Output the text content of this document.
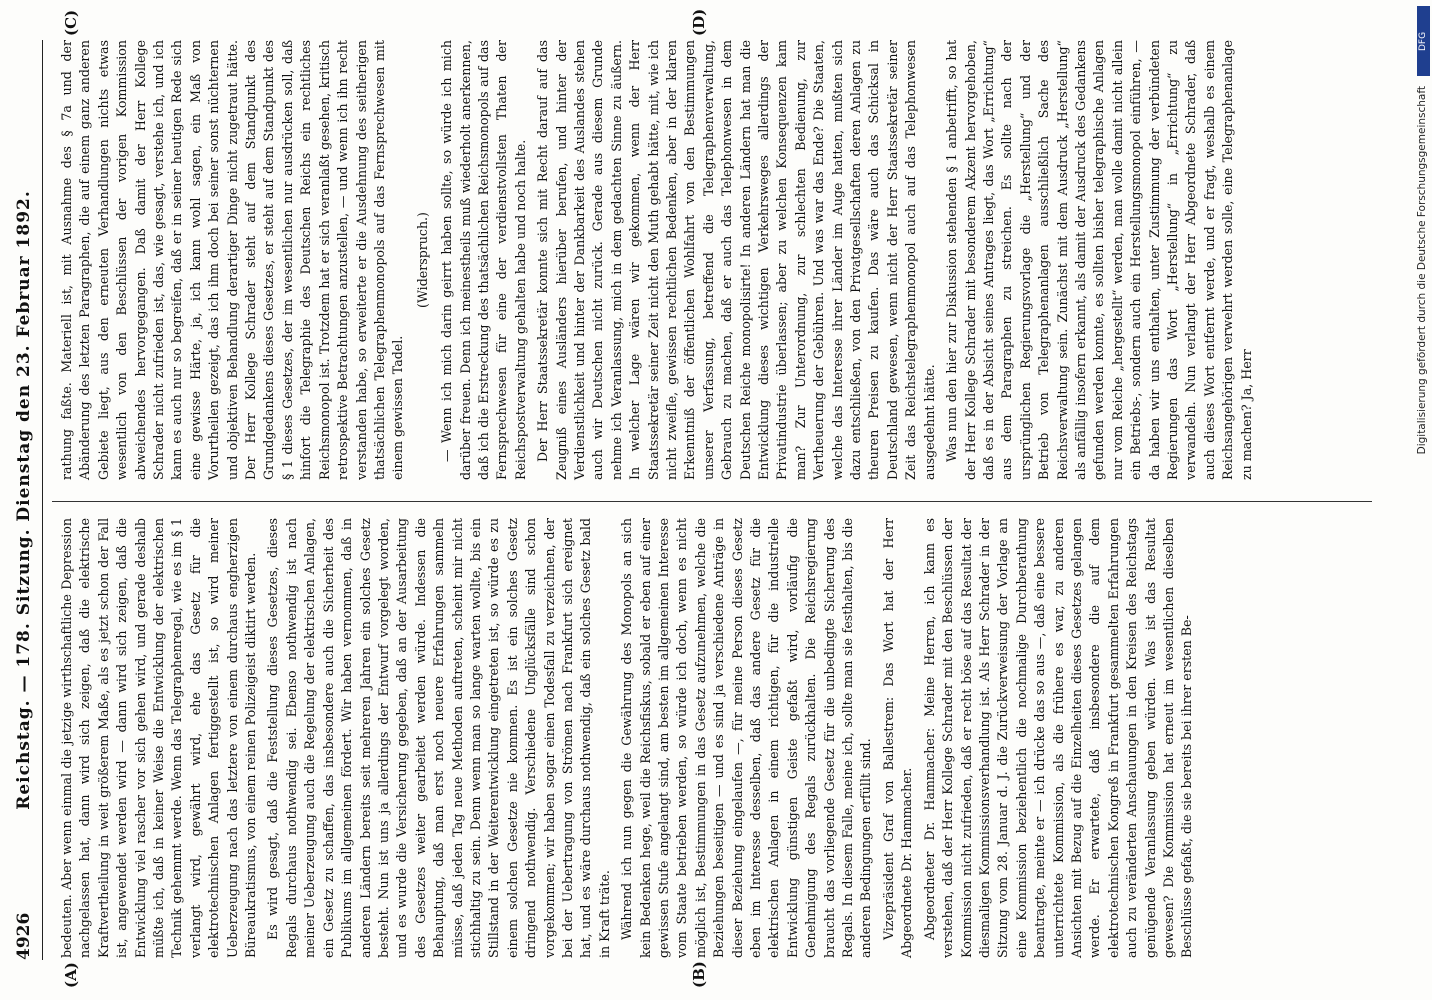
4926
Reichstag. — 178. Sitzung. Dienstag den 23. Februar 1892.
(A)	(B)
(C)	(D)

bedeuten. Aber wenn einmal die jetzige wirthschaftliche Depression nachgelassen hat, dann wird sich zeigen, daß die elektrische Kraftvertheilung in weit größerem Maße, als es jetzt schon der Fall ist, angewendet werden wird — dann wird sich zeigen, daß die Entwicklung viel rascher vor sich gehen wird, und gerade deshalb müßte ich, daß in keiner Weise die Entwicklung der elektrischen Technik gehemmt werde. Wenn das Telegraphenregal, wie es im § 1 verlangt wird, gewährt wird, ehe das Gesetz für die elektrotechnischen Anlagen fertiggestellt ist, so wird meiner Ueberzeugung nach das letztere von einem durchaus engherzigen Büreaukratismus, von einem reinen Polizeigeist diktirt werden. Es wird gesagt, daß die Feststellung dieses Gesetzes, dieses Regals durchaus nothwendig sei. Ebenso nothwendig ist nach meiner Ueberzeugung auch die Regelung der elektrischen Anlagen, ein Gesetz zu schaffen, das insbesondere auch die Sicherheit des Publikums im allgemeinen fördert. Wir haben vernommen, daß in anderen Ländern bereits seit mehreren Jahren ein solches Gesetz besteht. Nun ist uns ja allerdings der Entwurf vorgelegt worden, und es wurde die Versicherung gegeben, daß an der Ausarbeitung des Gesetzes weiter gearbeitet werden würde. Indessen die Behauptung, daß man erst noch neuere Erfahrungen sammeln müsse, daß jeden Tag neue Methoden auftreten, scheint mir nicht stichhaltig zu sein. Denn wenn man so lange warten wollte, bis ein Stillstand in der Weiterentwicklung eingetreten ist, so würde es zu einem solchen Gesetze nie kommen. Es ist ein solches Gesetz dringend nothwendig. Verschiedene Unglücksfälle sind schon vorgekommen; wir haben sogar einen Todesfall zu verzeichnen, der bei der Uebertragung von Strömen nach Frankfurt sich ereignet hat, und es wäre durchaus nothwendig, daß ein solches Gesetz bald in Kraft träte. Während ich nun gegen die Gewährung des Monopols an sich kein Bedenken hege, weil die Reichsfiskus, sobald er eben auf einer gewissen Stufe angelangt sind, am besten im allgemeinen Interesse vom Staate betrieben werden, so würde ich doch, wenn es nicht möglich ist, Bestimmungen in das Gesetz aufzunehmen, welche die Beziehungen beseitigen — und es sind ja verschiedene Anträge in dieser Beziehung eingelaufen —, für meine Person dieses Gesetz eben im Interesse desselben, daß das andere Gesetz für die elektrischen Anlagen in einem richtigen, für die industrielle Entwicklung günstigen Geiste gefaßt wird, vorläufig die Genehmigung des Regals zurückhalten. Die Reichsregierung braucht das vorliegende Gesetz für die unbedingte Sicherung des Regals. In diesem Falle, meine ich, sollte man sie festhalten, bis die anderen Bedingungen erfüllt sind. Vizepräsident Graf von Ballestrem: Das Wort hat der Herr Abgeordnete Dr. Hammacher. Abgeordneter Dr. Hammacher: Meine Herren, ich kann es verstehen, daß der Herr Kollege Schrader mit den Beschlüssen der Kommission nicht zufrieden, daß er recht böse auf das Resultat der diesmaligen Kommissionsverhandlung ist. Als Herr Schrader in der Sitzung vom 28. Januar d. J. die Zurückverweisung der Vorlage an eine Kommission beziehentlich die nochmalige Durchberathung beantragte, meinte er — ich drücke das so aus —, daß eine bessere unterrichtete Kommission, als die frühere es war, zu anderen Ansichten mit Bezug auf die Einzelheiten dieses Gesetzes gelangen werde. Er erwartete, daß insbesondere die auf dem elektrotechnischen Kongreß in Frankfurt gesammelten Erfahrungen auch zu veränderten Anschauungen in den Kreisen des Reichstags genügende Veranlassung geben würden. Was ist das Resultat gewesen? Die Kommission hat erneut im wesentlichen dieselben Beschlüsse gefaßt, die sie bereits bei ihrer ersten Be-

rathung faßte. Materiell ist, mit Ausnahme des § 7a und der Abänderung des letzten Paragraphen, die auf einem ganz anderen Gebiete liegt, aus den erneuten Verhandlungen nichts etwas wesentlich von den Beschlüssen der vorigen Kommission abweichendes hervorgegangen. Daß damit der Herr Kollege Schrader nicht zufrieden ist, das, wie gesagt, verstehe ich, und ich kann es auch nur so begreifen, daß er in seiner heutigen Rede sich eine gewisse Härte, ja, ich kann wohl sagen, ein Maß von Vorurtheilen gezeigt, das ich ihm doch bei seiner sonst nüchternen und objektiven Behandlung derartiger Dinge nicht zugetraut hätte. Der Herr Kollege Schrader steht auf dem Standpunkt des Grundgedankens dieses Gesetzes, er steht auf dem Standpunkt des § 1 dieses Gesetzes, der im wesentlichen nur ausdrücken soll, daß hinfort die Telegraphie des Deutschen Reichs ein rechtliches Reichsmonopol ist. Trotzdem hat er sich veranlaßt gesehen, kritisch retrospektive Betrachtungen anzustellen, — und wenn ich ihn recht verstanden habe, so erweiterte er die Ausdehnung des seitherigen thatsächlichen Telegraphenmonopols auf das Fernsprechwesen mit einem gewissen Tadel.

(Widerspruch.) — Wenn ich mich darin geirrt haben sollte, so würde ich mich darüber freuen. Denn ich meinestheils muß wiederholt anerkennen, daß ich die Erstreckung des thatsächlichen Reichsmonopols auf das Fernsprechwesen für eine der verdienstvollsten Thaten der Reichspostverwaltung gehalten habe und noch halte. Der Herr Staatssekretär konnte sich mit Recht darauf auf das Zeugniß eines Ausländers hierüber berufen, und hinter der Verdienstlichkeit und hinter der Dankbarkeit des Auslandes stehen auch wir Deutschen nicht zurück. Gerade aus diesem Grunde nehme ich Veranlassung, mich in dem gedachten Sinne zu äußern. In welcher Lage wären wir gekommen, wenn der Herr Staatssekretär seiner Zeit nicht den Muth gehabt hätte, mit, wie ich nicht zweifle, gewissen rechtlichen Bedenken, aber in der klaren Erkenntniß der öffentlichen Wohlfahrt von den Bestimmungen unserer Verfassung, betreffend die Telegraphenverwaltung, Gebrauch zu machen, daß er auch das Telephonwesen in dem Deutschen Reiche monopolisirte! In anderen Ländern hat man die Entwicklung dieses wichtigen Verkehrsweges allerdings der Privatindustrie überlassen; aber zu welchen Konsequenzen kam man? Zur Unterordnung, zur schlechten Bedienung, zur Vertheuerung der Gebühren. Und was war das Ende? Die Staaten, welche das Interesse ihrer Länder im Auge hatten, mußten sich dazu entschließen, von den Privatgesellschaften deren Anlagen zu theuren Preisen zu kaufen. Das wäre auch das Schicksal in Deutschland gewesen, wenn nicht der Herr Staatssekretär seiner Zeit das Reichstelegraphenmonopol auch auf das Telephonwesen ausgedehnt hätte. Was nun den hier zur Diskussion stehenden § 1 anbetrifft, so hat der Herr Kollege Schrader mit besonderem Akzent hervorgehoben, daß es in der Absicht seines Antrages liegt, das Wort „Errichtung“ aus dem Paragraphen zu streichen. Es sollte nach der ursprünglichen Regierungsvorlage die „Herstellung“ und der Betrieb von Telegraphenanlagen ausschließlich Sache des Reichsverwaltung sein. Zunächst mit dem Ausdruck „Herstellung“ als anfällig insofern erkannt, als damit der Ausdruck des Gedankens gefunden werden konnte, es sollten bisher telegraphische Anlagen nur vom Reiche „hergestellt“ werden, man wolle damit nicht allein ein Betriebs-, sondern auch ein Herstellungsmonopol einführen, — da haben wir uns enthalten, unter Zustimmung der verbündeten Regierungen das Wort „Herstellung“ in „Errichtung“ zu verwandeln. Nun verlangt der Herr Abgeordnete Schrader, daß auch dieses Wort entfernt werde, und er fragt, weshalb es einem Reichsangehörigen verwehrt werden solle, eine Telegraphenanlage zu machen? Ja, Herr

DFG
Digitalisierung gefördert durch die Deutsche Forschungsgemeinschaft
